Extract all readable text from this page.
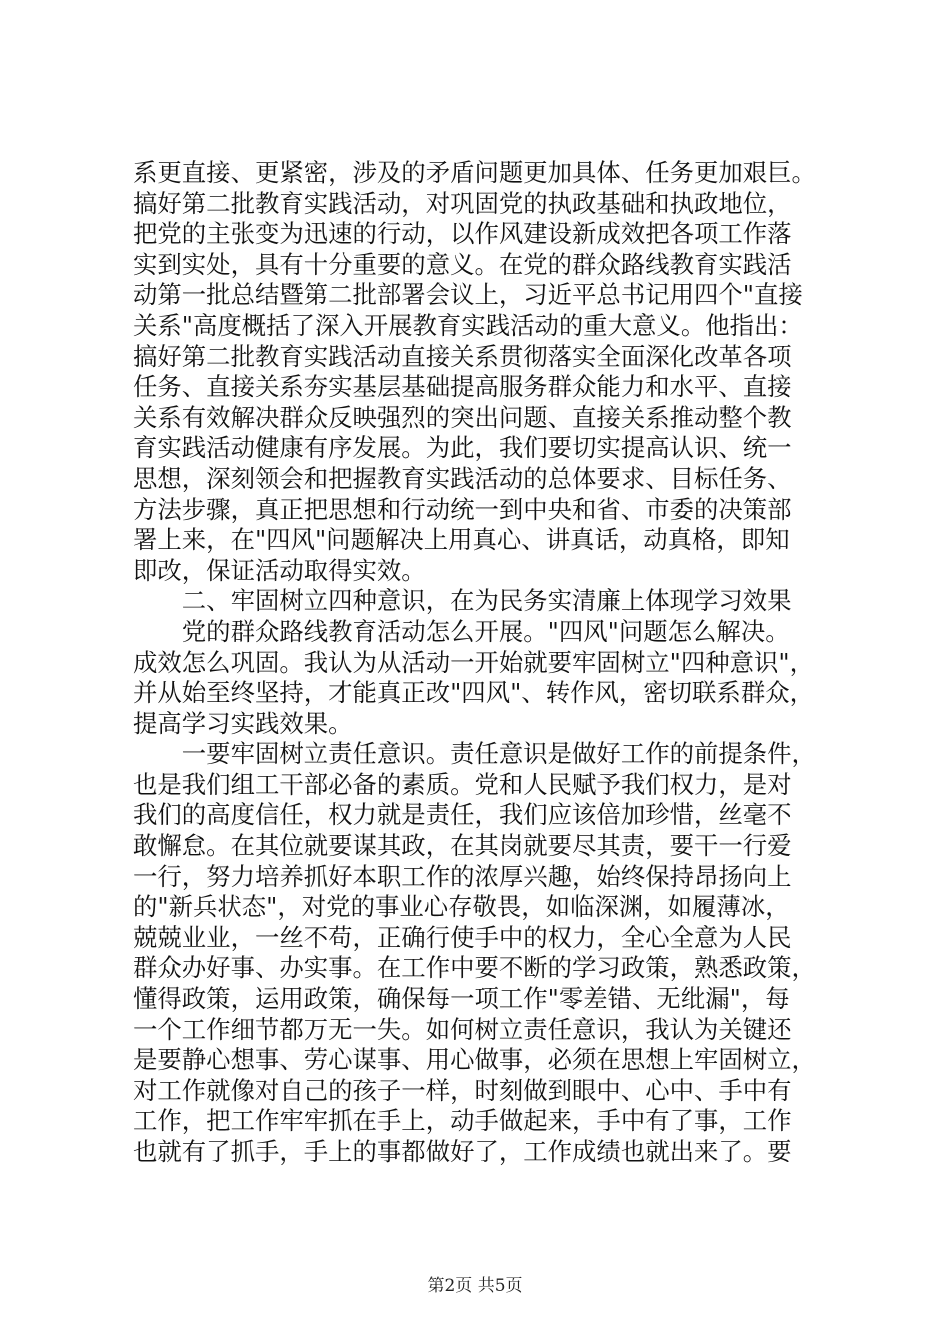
系更直接、更紧密，涉及的矛盾问题更加具体、任务更加艰巨。
搞好第二批教育实践活动，对巩固党的执政基础和执政地位，
把党的主张变为迅速的行动，以作风建设新成效把各项工作落
实到实处，具有十分重要的意义。在党的群众路线教育实践活
动第一批总结暨第二批部署会议上，习近平总书记用四个"直接
关系"高度概括了深入开展教育实践活动的重大意义。他指出：
搞好第二批教育实践活动直接关系贯彻落实全面深化改革各项
任务、直接关系夯实基层基础提高服务群众能力和水平、直接
关系有效解决群众反映强烈的突出问题、直接关系推动整个教
育实践活动健康有序发展。为此，我们要切实提高认识、统一
思想，深刻领会和把握教育实践活动的总体要求、目标任务、
方法步骤，真正把思想和行动统一到中央和省、市委的决策部
署上来，在"四风"问题解决上用真心、讲真话，动真格，即知
即改，保证活动取得实效。
　　二、牢固树立四种意识，在为民务实清廉上体现学习效果
　　党的群众路线教育活动怎么开展。"四风"问题怎么解决。
成效怎么巩固。我认为从活动一开始就要牢固树立"四种意识"，
并从始至终坚持，才能真正改"四风"、转作风，密切联系群众，
提高学习实践效果。
　　一要牢固树立责任意识。责任意识是做好工作的前提条件，
也是我们组工干部必备的素质。党和人民赋予我们权力，是对
我们的高度信任，权力就是责任，我们应该倍加珍惜，丝毫不
敢懈怠。在其位就要谋其政，在其岗就要尽其责，要干一行爱
一行，努力培养抓好本职工作的浓厚兴趣，始终保持昂扬向上
的"新兵状态"，对党的事业心存敬畏，如临深渊，如履薄冰，
兢兢业业，一丝不苟，正确行使手中的权力，全心全意为人民
群众办好事、办实事。在工作中要不断的学习政策，熟悉政策，
懂得政策，运用政策，确保每一项工作"零差错、无纰漏"，每
一个工作细节都万无一失。如何树立责任意识，我认为关键还
是要静心想事、劳心谋事、用心做事，必须在思想上牢固树立，
对工作就像对自己的孩子一样，时刻做到眼中、心中、手中有
工作，把工作牢牢抓在手上，动手做起来，手中有了事，工作
也就有了抓手，手上的事都做好了，工作成绩也就出来了。要
第2页 共5页
